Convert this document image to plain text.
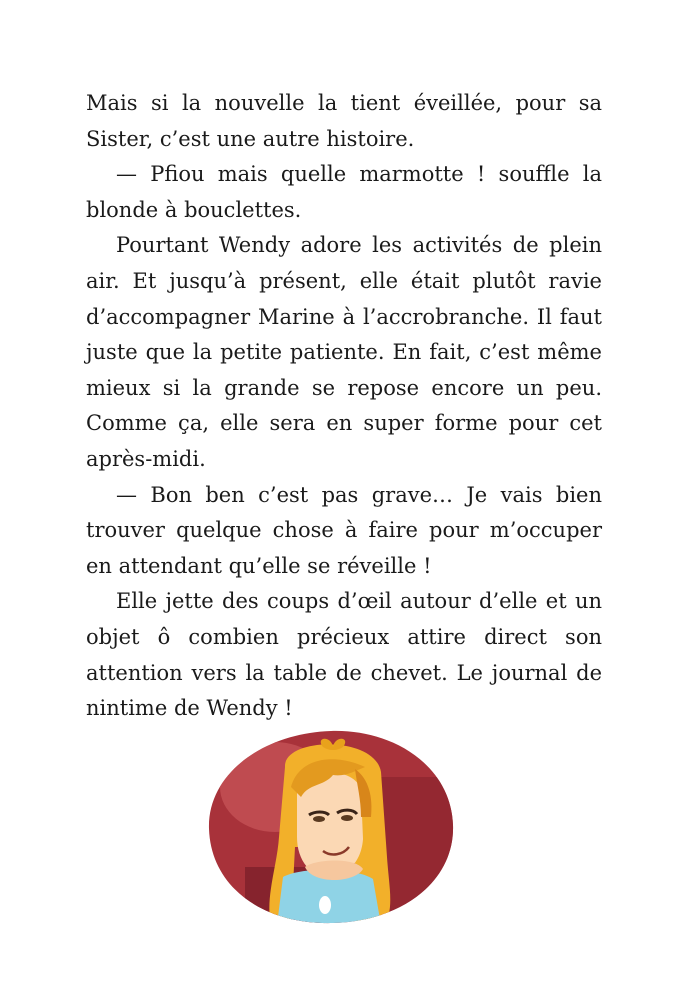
Mais si la nouvelle la tient éveillée, pour sa Sister, c’est une autre histoire.

— Pfiou mais quelle marmotte ! souffle la blonde à bouclettes.

Pourtant Wendy adore les activités de plein air. Et jusqu’à présent, elle était plutôt ravie d’accompagner Marine à l’accrobranche. Il faut juste que la petite patiente. En fait, c’est même mieux si la grande se repose encore un peu. Comme ça, elle sera en super forme pour cet après-midi.

— Bon ben c’est pas grave… Je vais bien trouver quelque chose à faire pour m’occuper en attendant qu’elle se réveille !

Elle jette des coups d’œil autour d’elle et un objet ô combien précieux attire direct son attention vers la table de chevet. Le journal de nintime de Wendy !
